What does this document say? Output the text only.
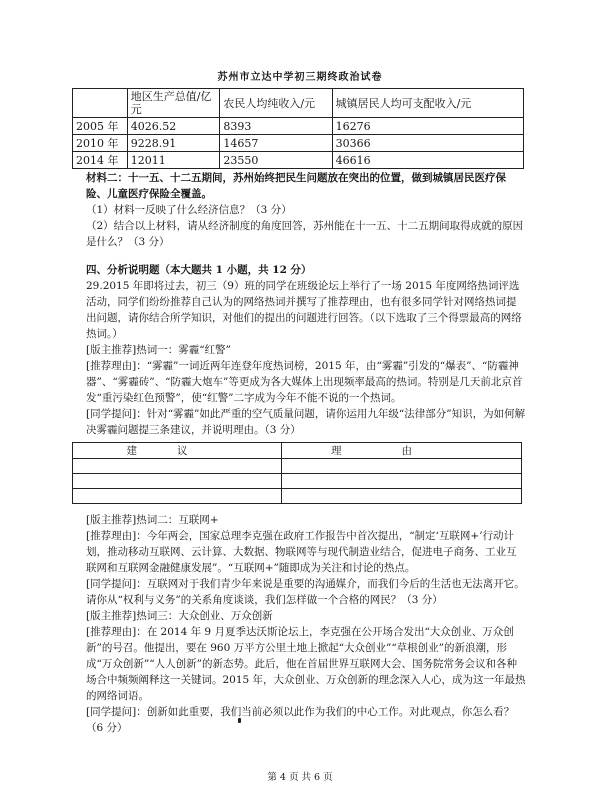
苏州市立达中学初三期终政治试卷
	地区生产总值/亿元	农民人均纯收入/元	城镇居民人均可支配收入/元
2005 年	4026.52	8393	16276
2010 年	9228.91	14657	30366
2014 年	12011	23550	46616

材料二：十一五、十二五期间，苏州始终把民生问题放在突出的位置，做到城镇居民医疗保险、儿童医疗保险全覆盖。

（1）材料一反映了什么经济信息？（3 分）

（2）结合以上材料，请从经济制度的角度回答，苏州能在十一五、十二五期间取得成就的原因是什么？（3 分）

四、分析说明题（本大题共 1 小题，共 12 分）

29.2015 年即将过去，初三（9）班的同学在班级论坛上举行了一场 2015 年度网络热词评选活动，同学们纷纷推荐自己认为的网络热词并撰写了推荐理由，也有很多同学针对网络热词提出问题，请你结合所学知识，对他们的提出的问题进行回答。（以下选取了三个得票最高的网络热词。）

[版主推荐]热词一：雾霾“红警”

[推荐理由]：“雾霾”一词近两年连登年度热词榜，2015 年，由“雾霾”引发的“爆表”、“防霾神器”、“雾霾砖”、“防霾大炮车”等更成为各大媒体上出现频率最高的热词。特别是几天前北京首发“重污染红色预警”，使“红警”二字成为今年不能不说的一个热词。

[同学提问]：针对“雾霾”如此严重的空气质量问题，请你运用九年级“法律部分”知识，为如何解决雾霾问题提三条建议，并说明理由。（3 分）

建议	理由

[版主推荐]热词二：互联网+

[推荐理由]：今年两会，国家总理李克强在政府工作报告中首次提出，“制定‘互联网+’行动计划，推动移动互联网、云计算、大数据、物联网等与现代制造业结合，促进电子商务、工业互联网和互联网金融健康发展”。“互联网+”随即成为关注和讨论的热点。

[同学提问]：互联网对于我们青少年来说是重要的沟通媒介，而我们今后的生活也无法离开它。请你从“权利与义务”的关系角度谈谈，我们怎样做一个合格的网民？（3 分）

[版主推荐]热词三：大众创业、万众创新

[推荐理由]：在 2014 年 9 月夏季达沃斯论坛上，李克强在公开场合发出“大众创业、万众创新”的号召。他提出，要在 960 万平方公里土地上掀起“大众创业”“草根创业”的新浪潮，形成“万众创新”“人人创新”的新态势。此后，他在首届世界互联网大会、国务院常务会议和各种场合中频频阐释这一关键词。2015 年，大众创业、万众创新的理念深入人心，成为这一年最热的网络词语。

[同学提问]：创新如此重要，我们当前必须以此作为我们的中心工作。对此观点，你怎么看？（6 分）

第 4 页 共 6 页
